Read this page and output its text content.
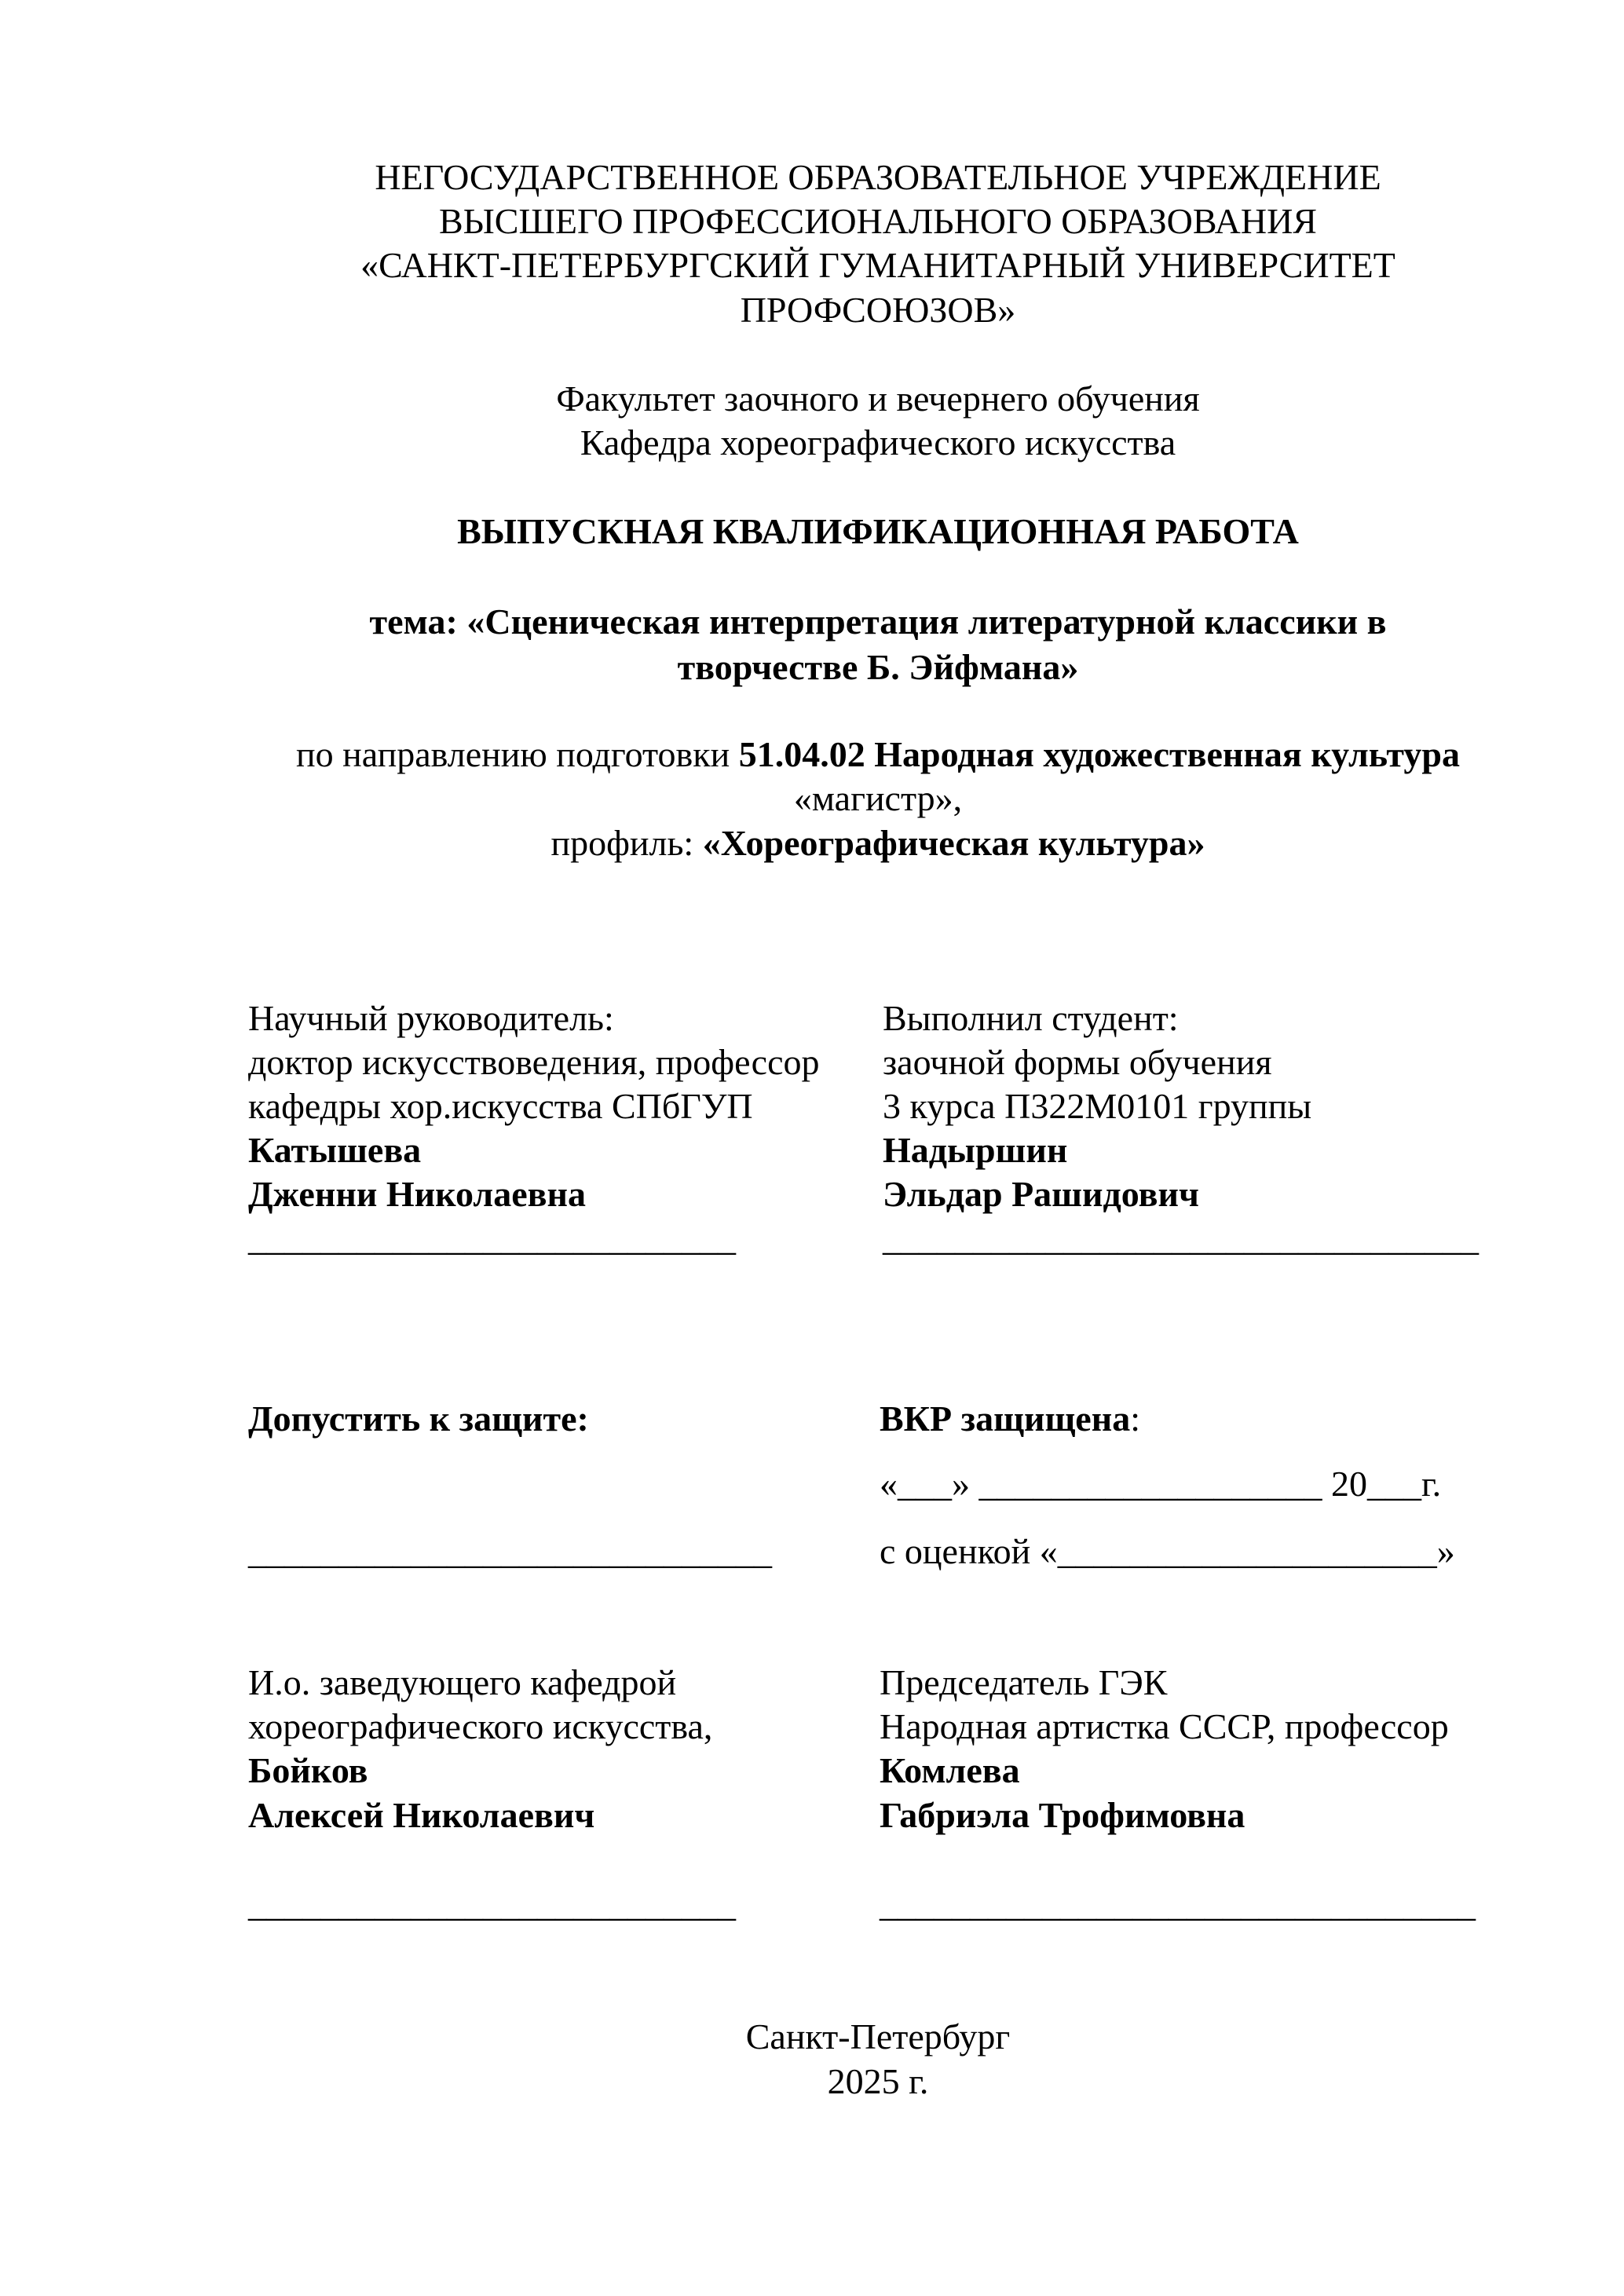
НЕГОСУДАРСТВЕННОЕ ОБРАЗОВАТЕЛЬНОЕ УЧРЕЖДЕНИЕ
ВЫСШЕГО ПРОФЕССИОНАЛЬНОГО ОБРАЗОВАНИЯ
«САНКТ-ПЕТЕРБУРГСКИЙ ГУМАНИТАРНЫЙ УНИВЕРСИТЕТ
ПРОФСОЮЗОВ»
Факультет заочного и вечернего обучения
Кафедра хореографического искусства
ВЫПУСКНАЯ КВАЛИФИКАЦИОННАЯ РАБОТА
тема: «Сценическая интерпретация литературной классики в
творчестве Б. Эйфмана»
по направлению подготовки 51.04.02 Народная художественная культура
«магистр»,
профиль: «Хореографическая культура»
Научный руководитель:
доктор искусствоведения, профессор
кафедры хор.искусства СПбГУП
Катышева
Дженни Николаевна
___________________________
Выполнил студент:
заочной формы обучения
3 курса П322М0101 группы
Надыршин
Эльдар Рашидович
_________________________________
Допустить к защите:
_____________________________
ВКР защищена:
«___» ___________________ 20___г.
с оценкой «_____________________»
И.о. заведующего кафедрой
хореографического искусства,
Бойков
Алексей Николаевич
___________________________
Председатель ГЭК
Народная артистка СССР, профессор
Комлева
Габриэла Трофимовна
_________________________________
Санкт-Петербург
2025 г.
